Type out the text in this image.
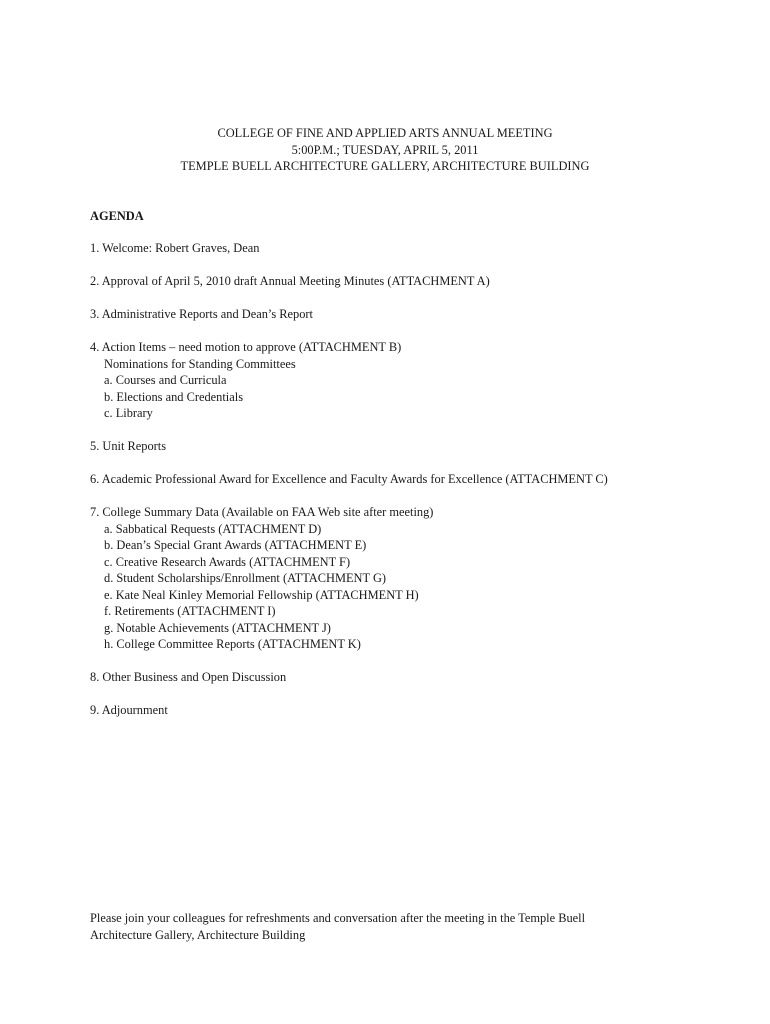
COLLEGE OF FINE AND APPLIED ARTS ANNUAL MEETING
5:00P.M.; TUESDAY, APRIL 5, 2011
TEMPLE BUELL ARCHITECTURE GALLERY, ARCHITECTURE BUILDING
AGENDA
1. Welcome: Robert Graves, Dean
2. Approval of April 5, 2010 draft Annual Meeting Minutes (ATTACHMENT A)
3. Administrative Reports and Dean’s Report
4. Action Items – need motion to approve (ATTACHMENT B)
Nominations for Standing Committees
a. Courses and Curricula
b. Elections and Credentials
c. Library
5. Unit Reports
6. Academic Professional Award for Excellence and Faculty Awards for Excellence (ATTACHMENT C)
7. College Summary Data (Available on FAA Web site after meeting)
a. Sabbatical Requests (ATTACHMENT D)
b. Dean’s Special Grant Awards (ATTACHMENT E)
c. Creative Research Awards (ATTACHMENT F)
d. Student Scholarships/Enrollment (ATTACHMENT G)
e. Kate Neal Kinley Memorial Fellowship (ATTACHMENT H)
f. Retirements (ATTACHMENT I)
g. Notable Achievements (ATTACHMENT J)
h. College Committee Reports (ATTACHMENT K)
8. Other Business and Open Discussion
9. Adjournment
Please join your colleagues for refreshments and conversation after the meeting in the Temple Buell
Architecture Gallery, Architecture Building
